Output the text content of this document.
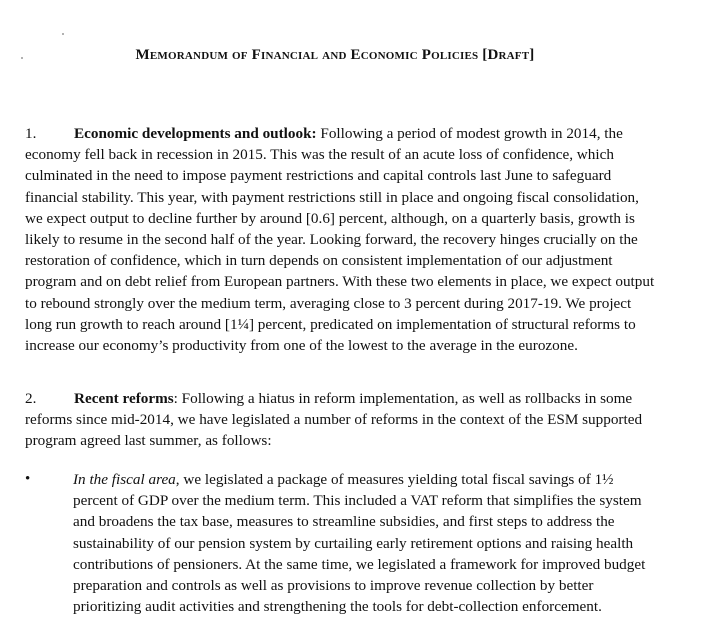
Memorandum of Financial and Economic Policies [Draft]
1. Economic developments and outlook: Following a period of modest growth in 2014, the economy fell back in recession in 2015. This was the result of an acute loss of confidence, which culminated in the need to impose payment restrictions and capital controls last June to safeguard financial stability. This year, with payment restrictions still in place and ongoing fiscal consolidation, we expect output to decline further by around [0.6] percent, although, on a quarterly basis, growth is likely to resume in the second half of the year. Looking forward, the recovery hinges crucially on the restoration of confidence, which in turn depends on consistent implementation of our adjustment program and on debt relief from European partners. With these two elements in place, we expect output to rebound strongly over the medium term, averaging close to 3 percent during 2017-19. We project long run growth to reach around [1¼] percent, predicated on implementation of structural reforms to increase our economy’s productivity from one of the lowest to the average in the eurozone.
2. Recent reforms: Following a hiatus in reform implementation, as well as rollbacks in some reforms since mid-2014, we have legislated a number of reforms in the context of the ESM supported program agreed last summer, as follows:
•	In the fiscal area, we legislated a package of measures yielding total fiscal savings of 1½ percent of GDP over the medium term. This included a VAT reform that simplifies the system and broadens the tax base, measures to streamline subsidies, and first steps to address the sustainability of our pension system by curtailing early retirement options and raising health contributions of pensioners. At the same time, we legislated a framework for improved budget preparation and controls as well as provisions to improve revenue collection by better prioritizing audit activities and strengthening the tools for debt-collection enforcement.
